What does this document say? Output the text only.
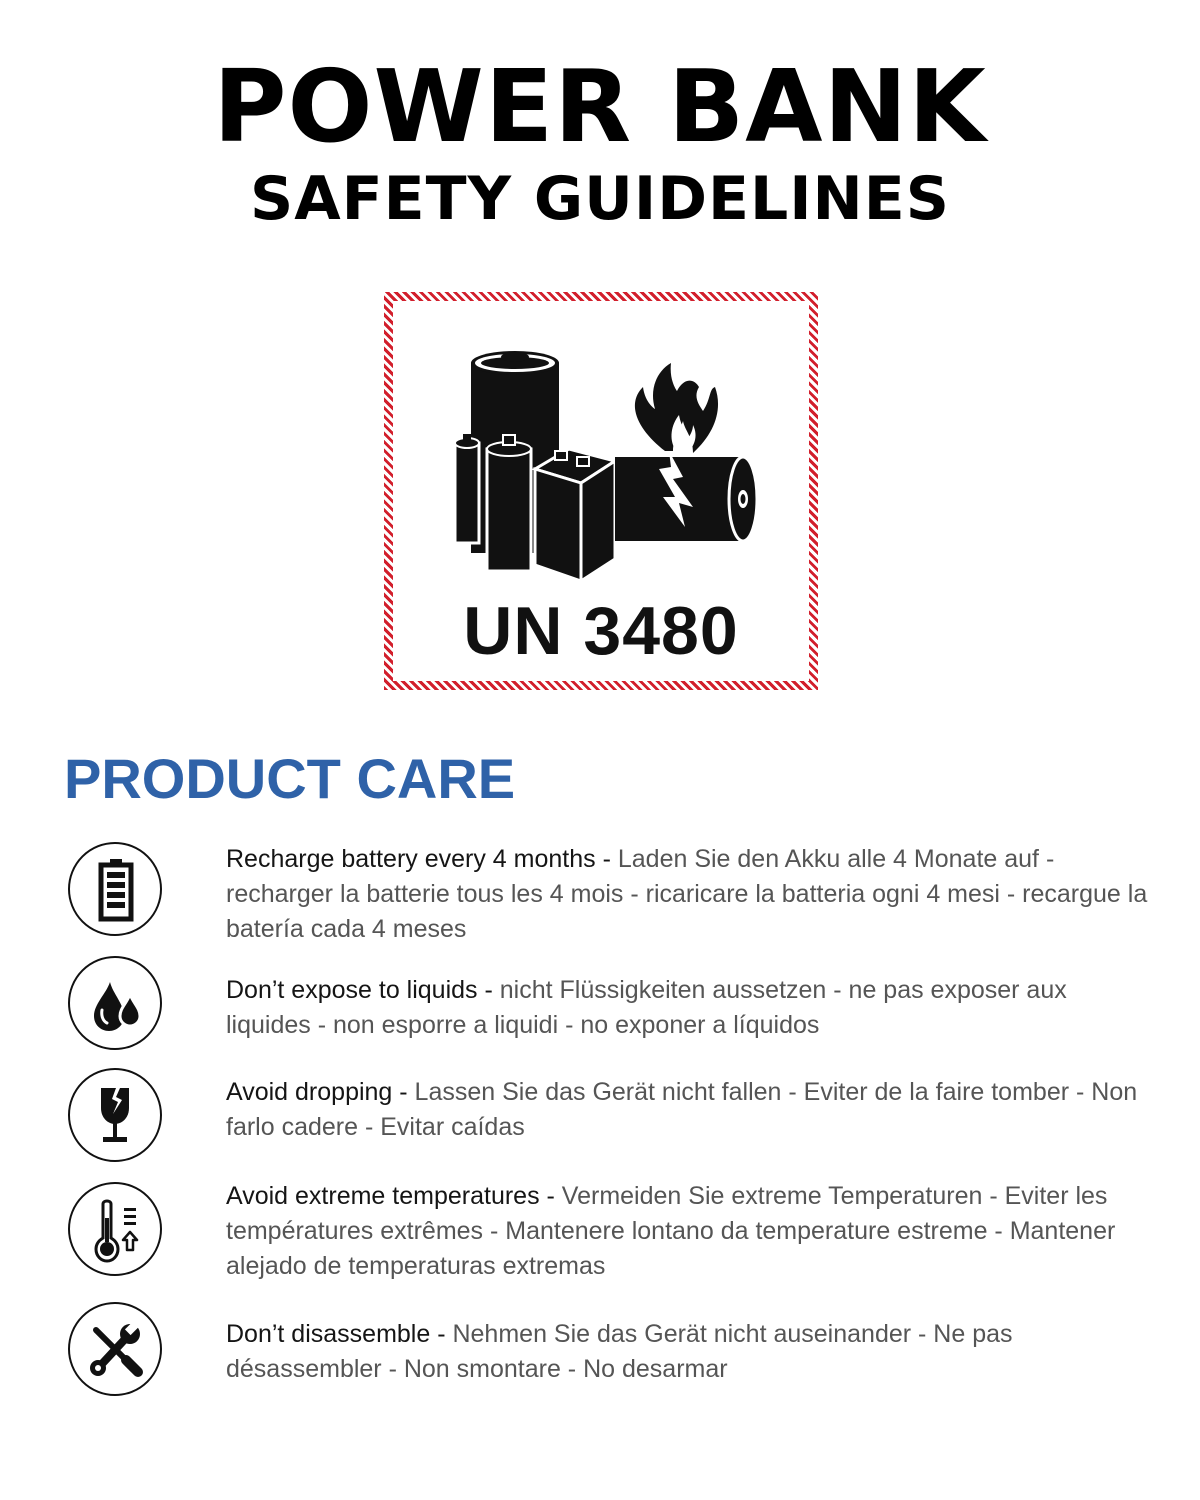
POWER BANK
SAFETY GUIDELINES
UN 3480
PRODUCT CARE

Recharge battery every 4 months - Laden Sie den Akku alle 4 Monate auf - recharger la batterie tous les 4 mois - ricaricare la batteria ogni 4 mesi - recargue la batería cada 4 meses

Don’t expose to liquids - nicht Flüssigkeiten aussetzen - ne pas exposer aux liquides - non esporre a liquidi - no exponer a líquidos

Avoid dropping - Lassen Sie das Gerät nicht fallen - Eviter de la faire tomber - Non farlo cadere - Evitar caídas

Avoid extreme temperatures - Vermeiden Sie extreme Temperaturen - Eviter les températures extrêmes - Mantenere lontano da temperature estreme - Mantener alejado de temperaturas extremas

Don’t disassemble - Nehmen Sie das Gerät nicht auseinander - Ne pas désassembler - Non smontare - No desarmar
